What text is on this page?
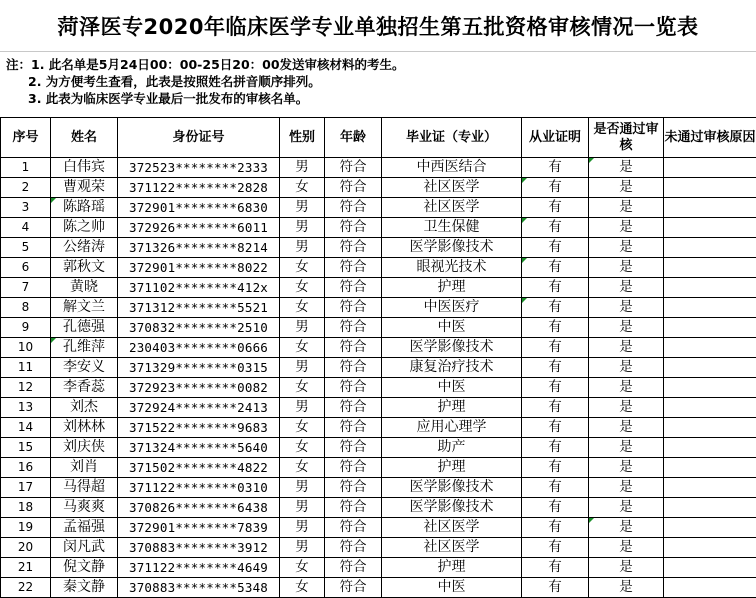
菏泽医专2020年临床医学专业单独招生第五批资格审核情况一览表
注：1. 此名单是5月24日00：00-25日20：00发送审核材料的考生。
2. 为方便考生查看，此表是按照姓名拼音顺序排列。
3. 此表为临床医学专业最后一批发布的审核名单。
序号	姓名	身份证号	性别	年龄	毕业证（专业）	从业证明	是否通过审核	未通过审核原因
1	白伟宾	372523********2333	男	符合	中西医结合	有	是	
2	曹观荣	371122********2828	女	符合	社区医学	有	是	
3	陈路瑶	372901********6830	男	符合	社区医学	有	是	
4	陈之帅	372926********6011	男	符合	卫生保健	有	是	
5	公绪涛	371326********8214	男	符合	医学影像技术	有	是	
6	郭秋文	372901********8022	女	符合	眼视光技术	有	是	
7	黄晓	371102********412x	女	符合	护理	有	是	
8	解文兰	371312********5521	女	符合	中医医疗	有	是	
9	孔德强	370832********2510	男	符合	中医	有	是	
10	孔维萍	230403********0666	女	符合	医学影像技术	有	是	
11	李安义	371329********0315	男	符合	康复治疗技术	有	是	
12	李香蕊	372923********0082	女	符合	中医	有	是	
13	刘杰	372924********2413	男	符合	护理	有	是	
14	刘林林	371522********9683	女	符合	应用心理学	有	是	
15	刘庆侠	371324********5640	女	符合	助产	有	是	
16	刘肖	371502********4822	女	符合	护理	有	是	
17	马得超	371122********0310	男	符合	医学影像技术	有	是	
18	马爽爽	370826********6438	男	符合	医学影像技术	有	是	
19	孟福强	372901********7839	男	符合	社区医学	有	是	
20	闵凡武	370883********3912	男	符合	社区医学	有	是	
21	倪文静	371122********4649	女	符合	护理	有	是	
22	秦文静	370883********5348	女	符合	中医	有	是	
